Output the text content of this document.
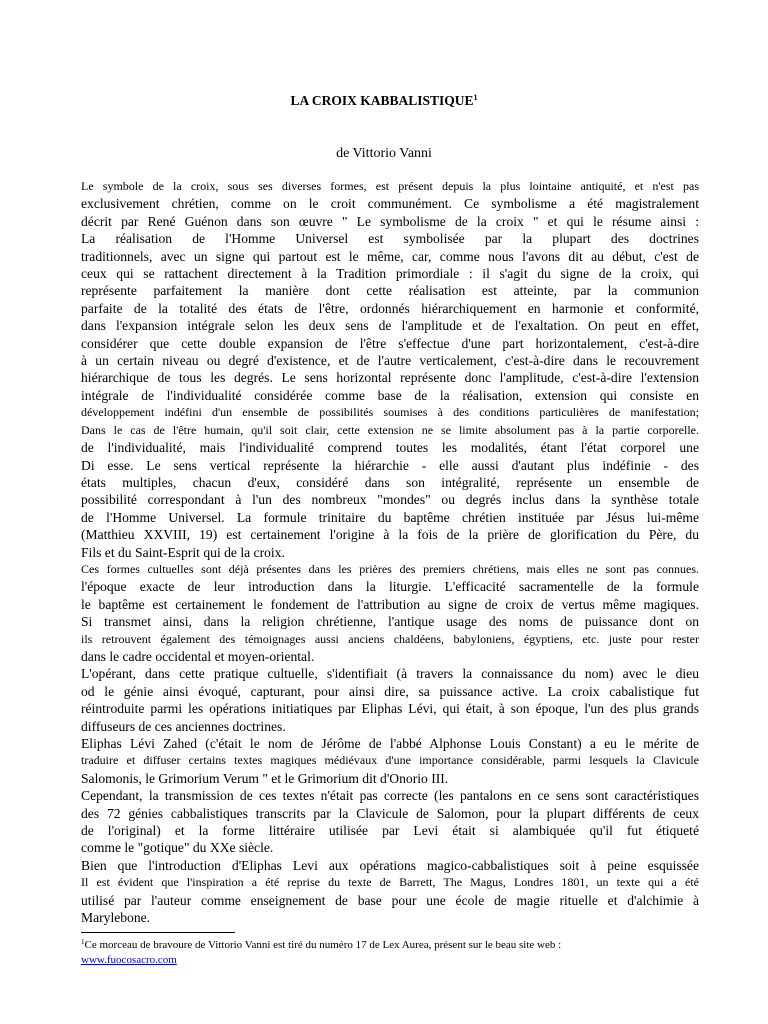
LA CROIX KABBALISTIQUE$^1$
de Vittorio Vanni
Le symbole de la croix, sous ses diverses formes, est présent depuis la plus lointaine antiquité, et n'est pas
exclusivement chrétien, comme on le croit communément. Ce symbolisme a été magistralement
décrit par René Guénon dans son œuvre " Le symbolisme de la croix " et qui le résume ainsi :
La réalisation de l'Homme Universel est symbolisée par la plupart des doctrines
traditionnels, avec un signe qui partout est le même, car, comme nous l'avons dit au début, c'est de
ceux qui se rattachent directement à la Tradition primordiale : il s'agit du signe de la croix, qui
représente parfaitement la manière dont cette réalisation est atteinte, par la communion
parfaite de la totalité des états de l'être, ordonnés hiérarchiquement en harmonie et conformité,
dans l'expansion intégrale selon les deux sens de l'amplitude et de l'exaltation. On peut en effet,
considérer que cette double expansion de l'être s'effectue d'une part horizontalement, c'est-à-dire
à un certain niveau ou degré d'existence, et de l'autre verticalement, c'est-à-dire dans le recouvrement
hiérarchique de tous les degrés. Le sens horizontal représente donc l'amplitude, c'est-à-dire l'extension
intégrale de l'individualité considérée comme base de la réalisation, extension qui consiste en
développement indéfini d'un ensemble de possibilités soumises à des conditions particulières de manifestation;
Dans le cas de l'être humain, qu'il soit clair, cette extension ne se limite absolument pas à la partie corporelle.
de l'individualité, mais l'individualité comprend toutes les modalités, étant l'état corporel une
Di esse. Le sens vertical représente la hiérarchie - elle aussi d'autant plus indéfinie - des
états multiples, chacun d'eux, considéré dans son intégralité, représente un ensemble de
possibilité correspondant à l'un des nombreux "mondes" ou degrés inclus dans la synthèse totale
de l'Homme Universel. La formule trinitaire du baptême chrétien instituée par Jésus lui-même
(Matthieu XXVIII, 19) est certainement l'origine à la fois de la prière de glorification du Père, du
Fils et du Saint-Esprit qui de la croix.
Ces formes cultuelles sont déjà présentes dans les prières des premiers chrétiens, mais elles ne sont pas connues.
l'époque exacte de leur introduction dans la liturgie. L'efficacité sacramentelle de la formule
le baptême est certainement le fondement de l'attribution au signe de croix de vertus même magiques.
Si transmet ainsi, dans la religion chrétienne, l'antique usage des noms de puissance dont on
ils retrouvent également des témoignages aussi anciens chaldéens, babyloniens, égyptiens, etc. juste pour rester
dans le cadre occidental et moyen-oriental.
L'opérant, dans cette pratique cultuelle, s'identifiait (à travers la connaissance du nom) avec le dieu
od le génie ainsi évoqué, capturant, pour ainsi dire, sa puissance active. La croix cabalistique fut
réintroduite parmi les opérations initiatiques par Eliphas Lévi, qui était, à son époque, l'un des plus grands
diffuseurs de ces anciennes doctrines.
Eliphas Lévi Zahed (c'était le nom de Jérôme de l'abbé Alphonse Louis Constant) a eu le mérite de
traduire et diffuser certains textes magiques médiévaux d'une importance considérable, parmi lesquels la Clavicule
Salomonis, le Grimorium Verum " et le Grimorium dit d'Onorio III.
Cependant, la transmission de ces textes n'était pas correcte (les pantalons en ce sens sont caractéristiques
des 72 génies cabbalistiques transcrits par la Clavicule de Salomon, pour la plupart différents de ceux
de l'original) et la forme littéraire utilisée par Levi était si alambiquée qu'il fut étiqueté
comme le "gotique" du XXe siècle.
Bien que l'introduction d'Eliphas Levi aux opérations magico-cabbalistiques soit à peine esquissée
Il est évident que l'inspiration a été reprise du texte de Barrett, The Magus, Londres 1801, un texte qui a été
utilisé par l'auteur comme enseignement de base pour une école de magie rituelle et d'alchimie à
Marylebone.
$^1$Ce morceau de bravoure de Vittorio Vanni est tiré du numéro 17 de Lex Aurea, présent sur le beau site web :
www.fuocosacro.com
